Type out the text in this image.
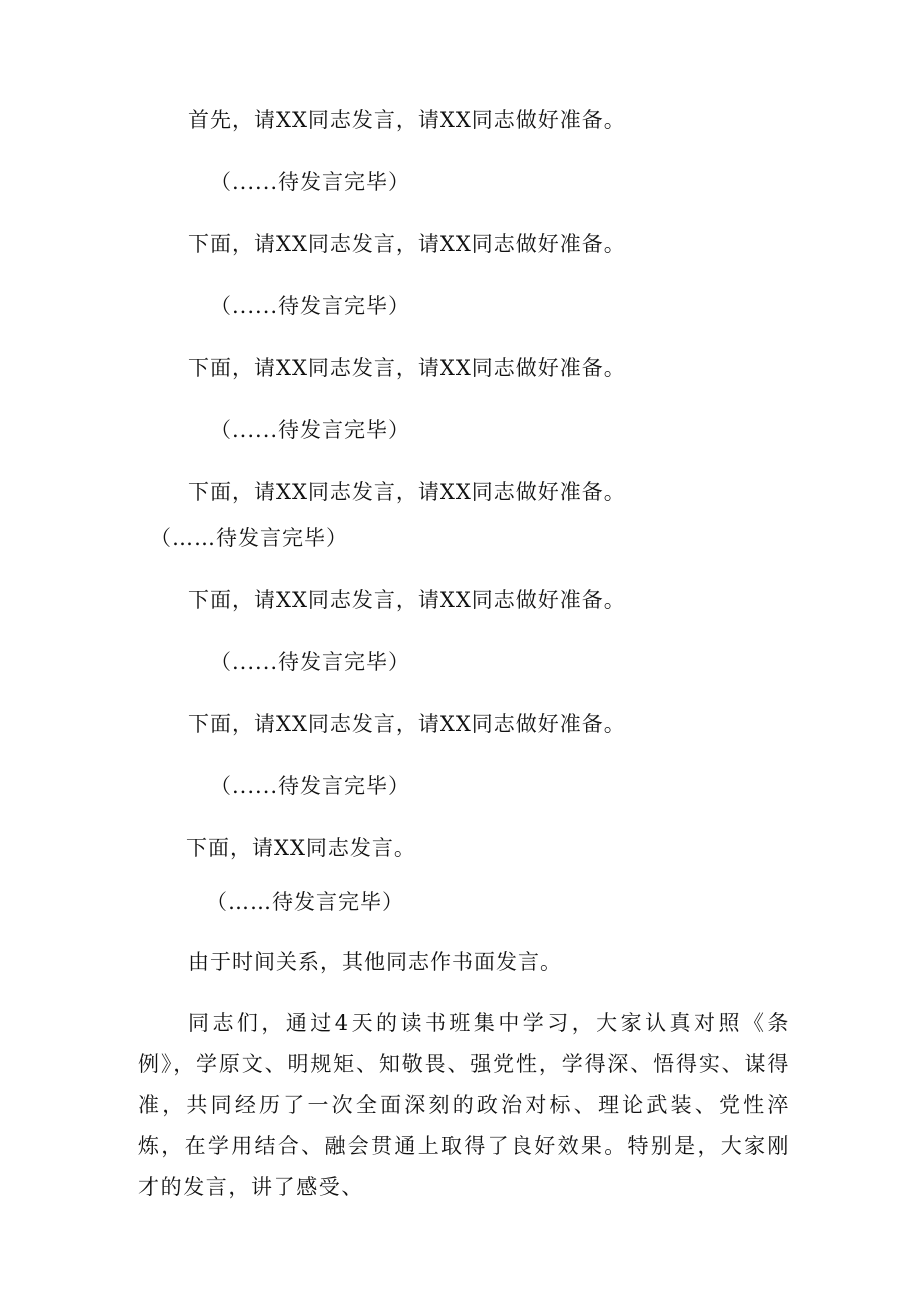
首先，请XX同志发言，请XX同志做好准备。
（......待发言完毕）
下面，请XX同志发言，请XX同志做好准备。
（......待发言完毕）
下面，请XX同志发言，请XX同志做好准备。
（......待发言完毕）
下面，请XX同志发言，请XX同志做好准备。
（……待发言完毕）
下面，请XX同志发言，请XX同志做好准备。
（......待发言完毕）
下面，请XX同志发言，请XX同志做好准备。
（......待发言完毕）
下面，请XX同志发言。
（……待发言完毕）
由于时间关系，其他同志作书面发言。

同志们，通过4天的读书班集中学习，大家认真对照《条例》，学原文、明规矩、知敬畏、强党性，学得深、悟得实、谋得准，共同经历了一次全面深刻的政治对标、理论武装、党性淬炼，在学用结合、融会贯通上取得了良好效果。特别是，大家刚才的发言，讲了感受、
